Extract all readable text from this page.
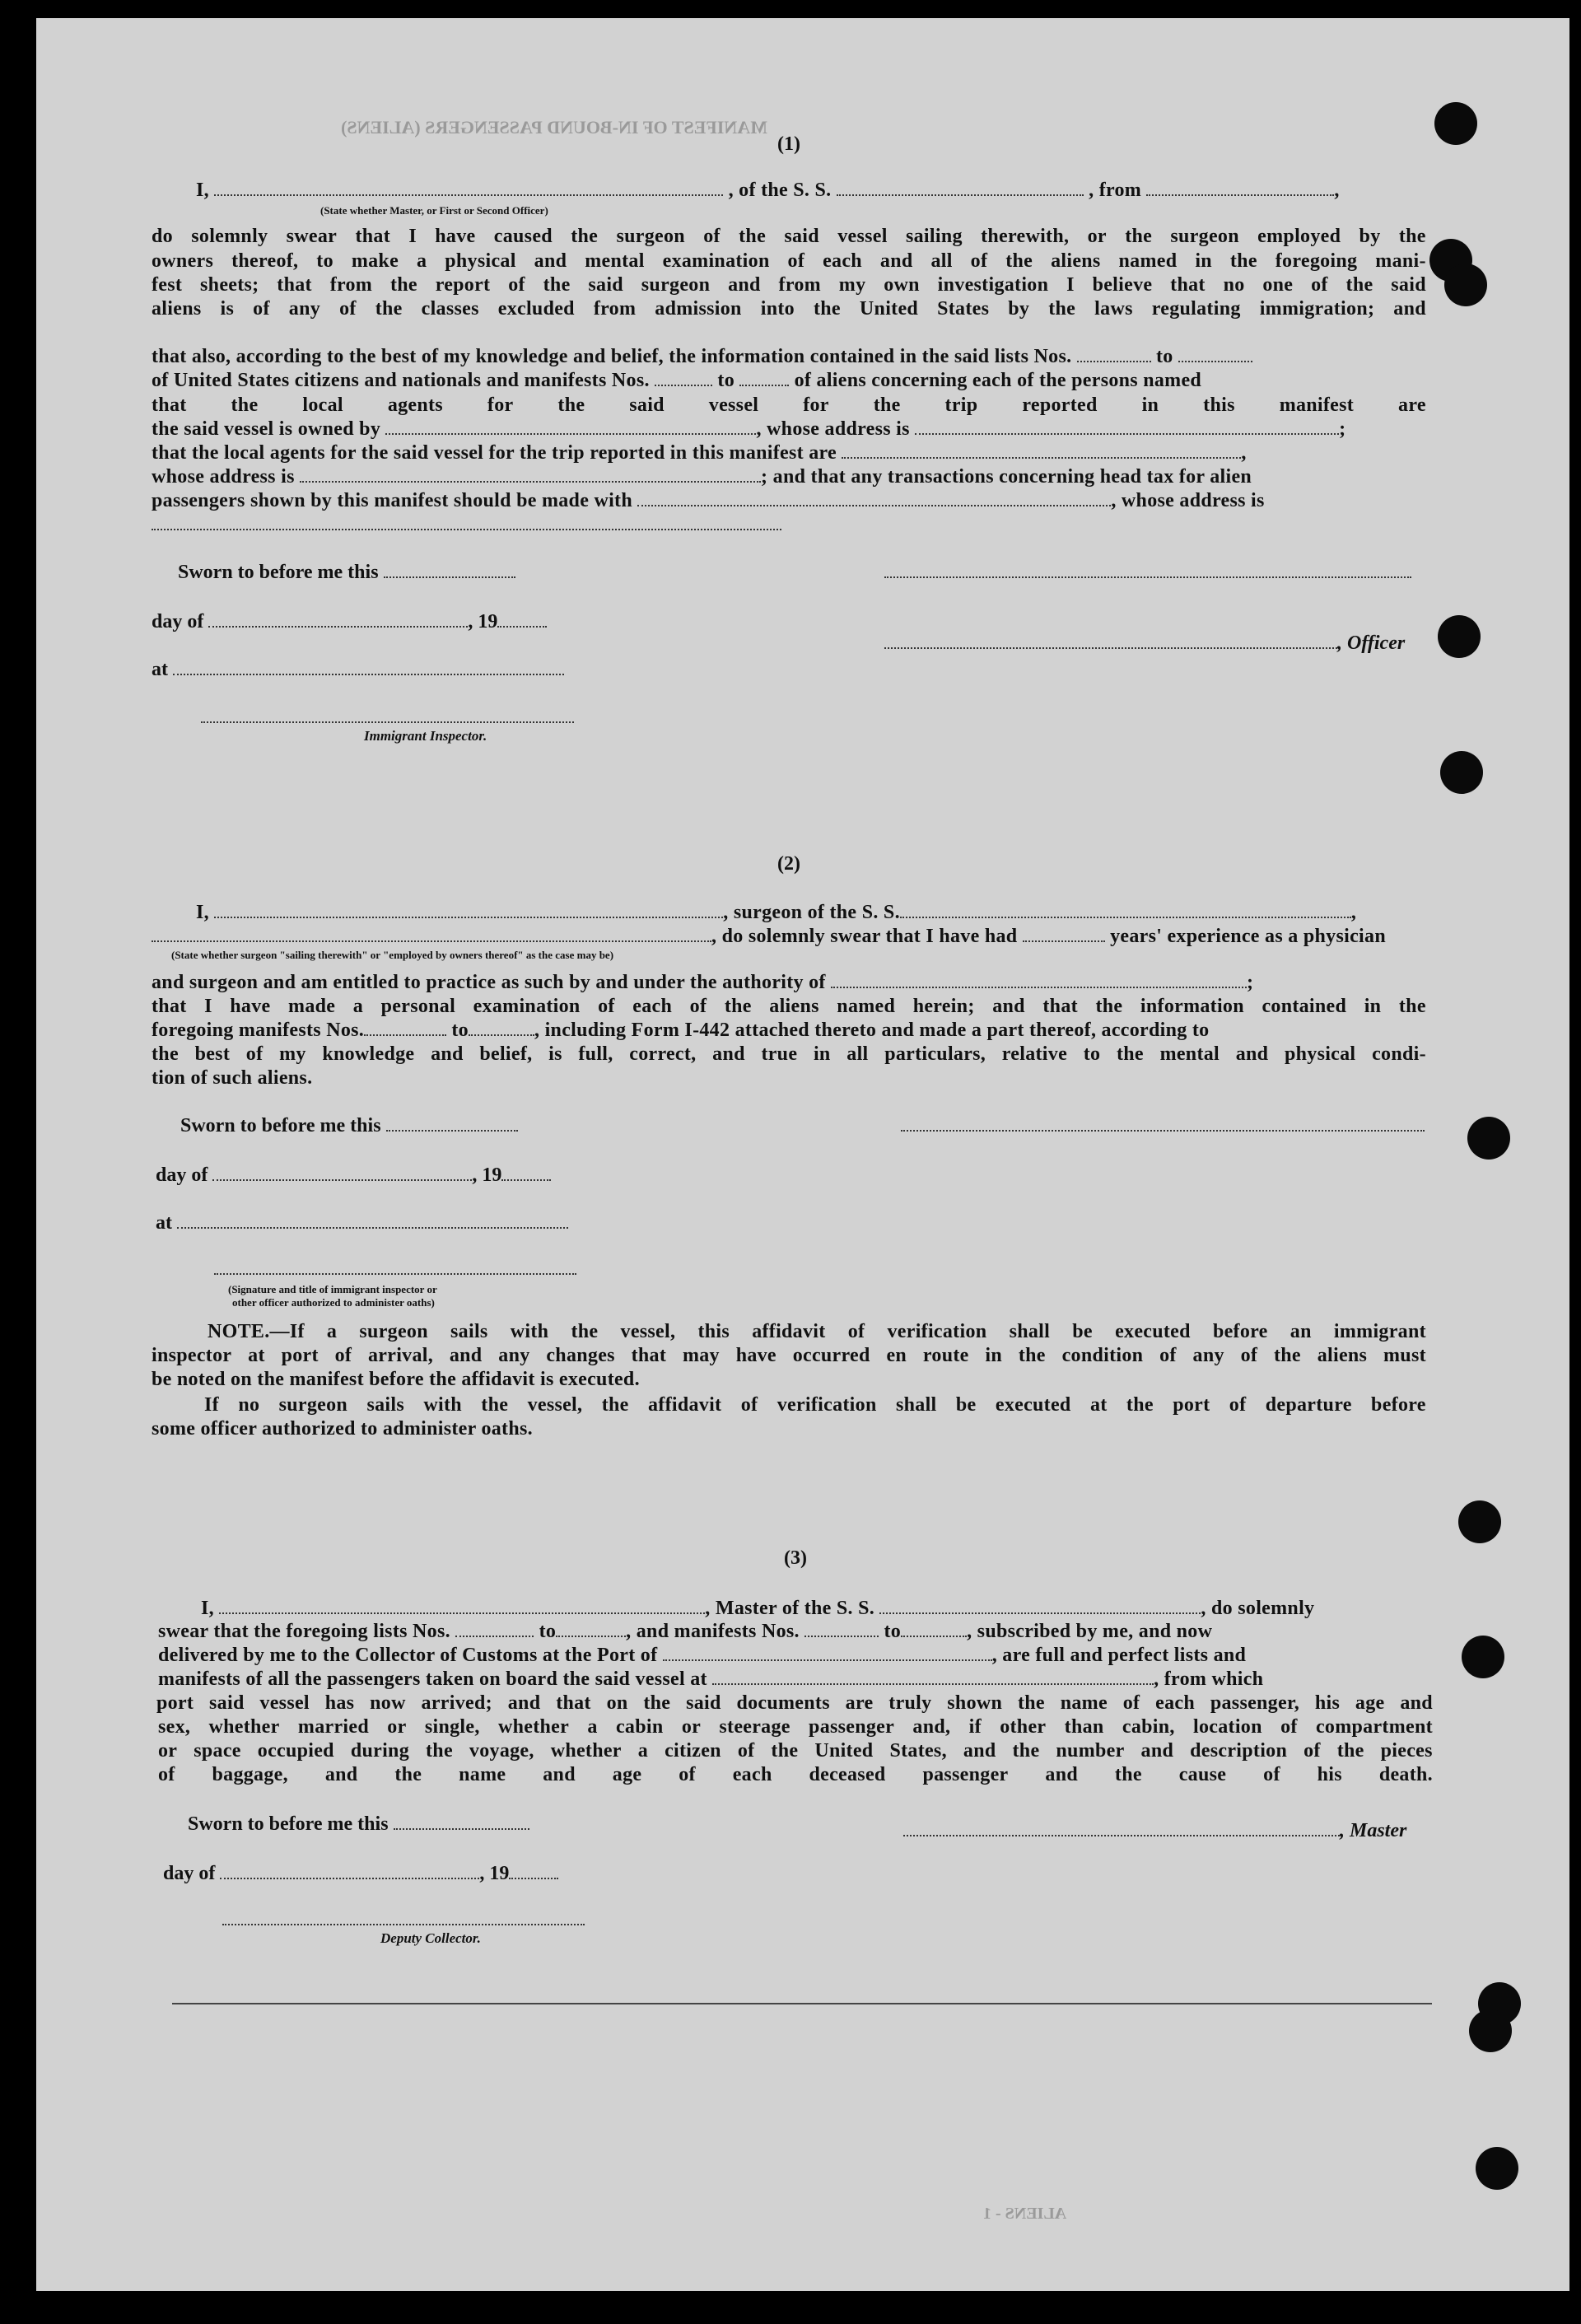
MANIFEST OF IN-BOUND PASSENGERS (ALIENS)
ALIENS - 1
(1)
I,	, of the S. S.	, from	,
(State whether Master, or First or Second Officer)
do solemnly swear that I have caused the surgeon of the said vessel sailing therewith, or the surgeon employed by the
owners thereof, to make a physical and mental examination of each and all of the aliens named in the foregoing mani-
fest sheets; that from the report of the said surgeon and from my own investigation I believe that no one of the said
aliens is of any of the classes excluded from admission into the United States by the laws regulating immigration; and
that also, according to the best of my knowledge and belief, the information contained in the said lists Nos.	to
of United States citizens and nationals and manifests Nos.	to	of aliens concerning each of the persons named
that the local agents for the said vessel for the trip reported in this manifest are
the said vessel is owned by	, whose address is	;
that the local agents for the said vessel for the trip reported in this manifest are	,
whose address is	; and that any transactions concerning head tax for alien
passengers shown by this manifest should be made with	, whose address is
Sworn to before me this
day of	, 19
, Officer
at
Immigrant Inspector.
(2)
I,	, surgeon of the S. S.	,
, do solemnly swear that I have had	years' experience as a physician
(State whether surgeon "sailing therewith" or "employed by owners thereof" as the case may be)
and surgeon and am entitled to practice as such by and under the authority of	;
that I have made a personal examination of each of the aliens named herein; and that the information contained in the
foregoing manifests Nos.	to	, including Form I-442 attached thereto and made a part thereof, according to
the best of my knowledge and belief, is full, correct, and true in all particulars, relative to the mental and physical condi-
tion of such aliens.
Sworn to before me this
day of	, 19
at
(Signature and title of immigrant inspector or
other officer authorized to administer oaths)
NOTE.—If a surgeon sails with the vessel, this affidavit of verification shall be executed before an immigrant
inspector at port of arrival, and any changes that may have occurred en route in the condition of any of the aliens must
be noted on the manifest before the affidavit is executed.
If no surgeon sails with the vessel, the affidavit of verification shall be executed at the port of departure before
some officer authorized to administer oaths.
(3)
I,	, Master of the S. S.	, do solemnly
swear that the foregoing lists Nos.	to	, and manifests Nos.	to	, subscribed by me, and now
delivered by me to the Collector of Customs at the Port of	, are full and perfect lists and
manifests of all the passengers taken on board the said vessel at	, from which
port said vessel has now arrived; and that on the said documents are truly shown the name of each passenger, his age and
sex, whether married or single, whether a cabin or steerage passenger and, if other than cabin, location of compartment
or space occupied during the voyage, whether a citizen of the United States, and the number and description of the pieces
of baggage, and the name and age of each deceased passenger and the cause of his death.
Sworn to before me this	, Master
day of	, 19
Deputy Collector.
